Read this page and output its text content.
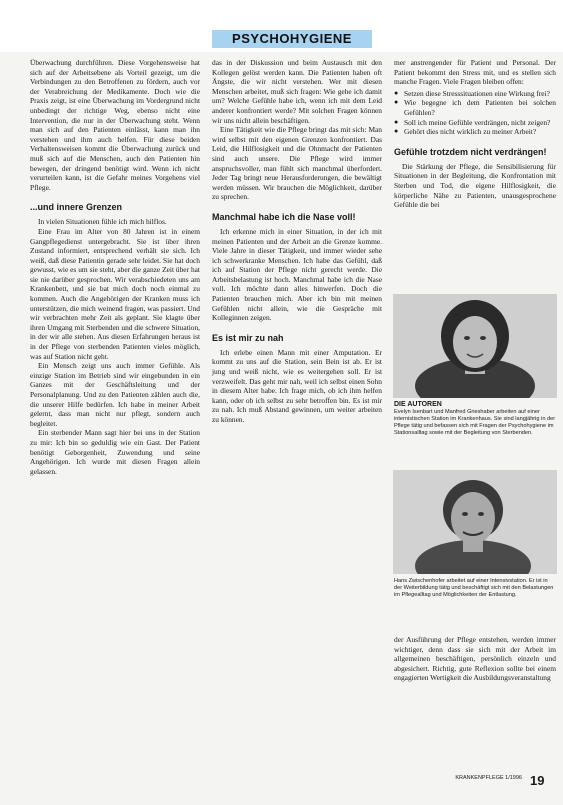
PSYCHOHYGIENE

Überwachung durchführen. Diese Vorgehensweise hat sich auf der Arbeitsebene als Vorteil gezeigt, um die Verbindungen zu den Betroffenen zu fördern, auch vor der Verabreichung der Medikamente. Doch wie die Praxis zeigt, ist eine Überwachung im Vordergrund nicht unbedingt der richtige Weg, ebenso nicht eine Intervention, die nur in der Überwachung steht. Wenn man sich auf den Patienten einlässt, kann man ihn verstehen und ihm auch helfen. Für diese beiden Verhaltensweisen kommt die Überwachung zurück und muß sich auf die Menschen, auch den Patienten hin bewegen, der dringend benötigt wird. Wenn ich nicht verurteilen kann, ist die Gefahr meines Vorgehens viel Pflege.

...und innere Grenzen

In vielen Situationen fühle ich mich hilflos.

Eine Frau im Alter von 80 Jahren ist in einem Gangpflegedienst untergebracht. Sie ist über ihren Zustand informiert, entsprechend verhält sie sich. Ich weiß, daß diese Patientin gerade sehr leidet. Sie hat doch gewusst, wie es um sie steht, aber die ganze Zeit über hat sie nie darüber gesprochen. Wir verabschiedeten uns am Krankenbett, und sie bat mich doch noch einmal zu kommen. Auch die Angehörigen der Kranken muss ich unterstützen, die mich weinend fragen, was passiert. Und wir verbrachten mehr Zeit als geplant. Sie klagte über ihren Umgang mit Sterbenden und die schwere Situation, in der wir alle stehen. Aus diesen Erfahrungen heraus ist in der Pflege von sterbenden Patienten vieles möglich, was auf Station nicht geht.

Ein Mensch zeigt uns auch immer Gefühle. Als einzige Station im Betrieb sind wir eingebunden in ein Ganzes mit der Geschäftsleitung und der Personalplanung. Und zu den Patienten zählen auch die, die unserer Hilfe bedürfen. Ich habe in meiner Arbeit gelernt, dass man nicht nur pflegt, sondern auch begleitet.

Ein sterbender Mann sagt hier bei uns in der Station zu mir: Ich bin so geduldig wie ein Gast. Der Patient benötigt Geborgenheit, Zuwendung und seine Angehörigen. Ich wurde mit diesen Fragen allein gelassen.

das in der Diskussion und beim Austausch mit den Kollegen gelöst werden kann. Die Patienten haben oft Ängste, die wir nicht verstehen. Wer mit diesen Menschen arbeitet, muß sich fragen: Wie gehe ich damit um? Welche Gefühle habe ich, wenn ich mit dem Leid anderer konfrontiert werde? Mit solchen Fragen können wir uns nicht allein beschäftigen.

Eine Tätigkeit wie die Pflege bringt das mit sich: Man wird selbst mit den eigenen Grenzen konfrontiert. Das Leid, die Hilflosigkeit und die Ohnmacht der Patienten sind auch unsere. Die Pflege wird immer anspruchsvoller, man fühlt sich manchmal überfordert. Jeder Tag bringt neue Herausforderungen, die bewältigt werden müssen. Wir brauchen die Möglichkeit, darüber zu sprechen.

Manchmal habe ich die Nase voll!

Ich erkenne mich in einer Situation, in der ich mit meinen Patienten und der Arbeit an die Grenze komme. Viele Jahre in dieser Tätigkeit, und immer wieder sehe ich schwerkranke Menschen. Ich habe das Gefühl, daß ich auf Station der Pflege nicht gerecht werde. Die Arbeitsbelastung ist hoch. Manchmal habe ich die Nase voll. Ich möchte dann alles hinwerfen. Doch die Patienten brauchen mich. Aber ich bin mit meinen Gefühlen nicht allein, wie die Gespräche mit Kolleginnen zeigen.

Es ist mir zu nah

Ich erlebe einen Mann mit einer Amputation. Er kommt zu uns auf die Station, sein Bein ist ab. Er ist jung und weiß nicht, wie es weitergehen soll. Er ist verzweifelt. Das geht mir nah, weil ich selbst einen Sohn in diesem Alter habe. Ich frage mich, ob ich ihm helfen kann, oder ob ich selbst zu sehr betroffen bin. Es ist mir zu nah. Ich muß Abstand gewinnen, um weiter arbeiten zu können.

mer anstrengender für Patient und Personal. Der Patient bekommt den Stress mit, und es stellen sich manche Fragen. Viele Fragen bleiben offen:

● Setzen diese Stresssituationen eine Wirkung frei?
● Wie begegne ich dem Patienten bei solchen Gefühlen?
● Soll ich meine Gefühle verdrängen, nicht zeigen?
● Gehört dies nicht wirklich zu meiner Arbeit?
Gefühle trotzdem nicht verdrängen!

Die Stärkung der Pflege, die Sensibilisierung für Situationen in der Begleitung, die Konfrontation mit Sterben und Tod, die eigene Hilflosigkeit, die körperliche Nähe zu Patienten, unausgesprochene Gefühle die bei

DIE AUTOREN
Evelyn Isenbart und Manfred Grieshaber arbeiten auf einer internistischen Station im Krankenhaus. Sie sind langjährig in der Pflege tätig und befassen sich mit Fragen der Psychohygiene im Stationsalltag sowie mit der Begleitung von Sterbenden.
Hans Zwischenhofer arbeitet auf einer Intensivstation. Er ist in der Weiterbildung tätig und beschäftigt sich mit den Belastungen im Pflegealltag und Möglichkeiten der Entlastung.

der Ausführung der Pflege entstehen, werden immer wichtiger, denn dass sie sich mit der Arbeit im allgemeinen beschäftigen, persönlich einzeln und abgesichert. Richtig, gute Reflexion sollte bei einem engagierten Wertigkeit die Ausbildungsveranstaltung

KRANKENPFLEGE 1/1996 19
